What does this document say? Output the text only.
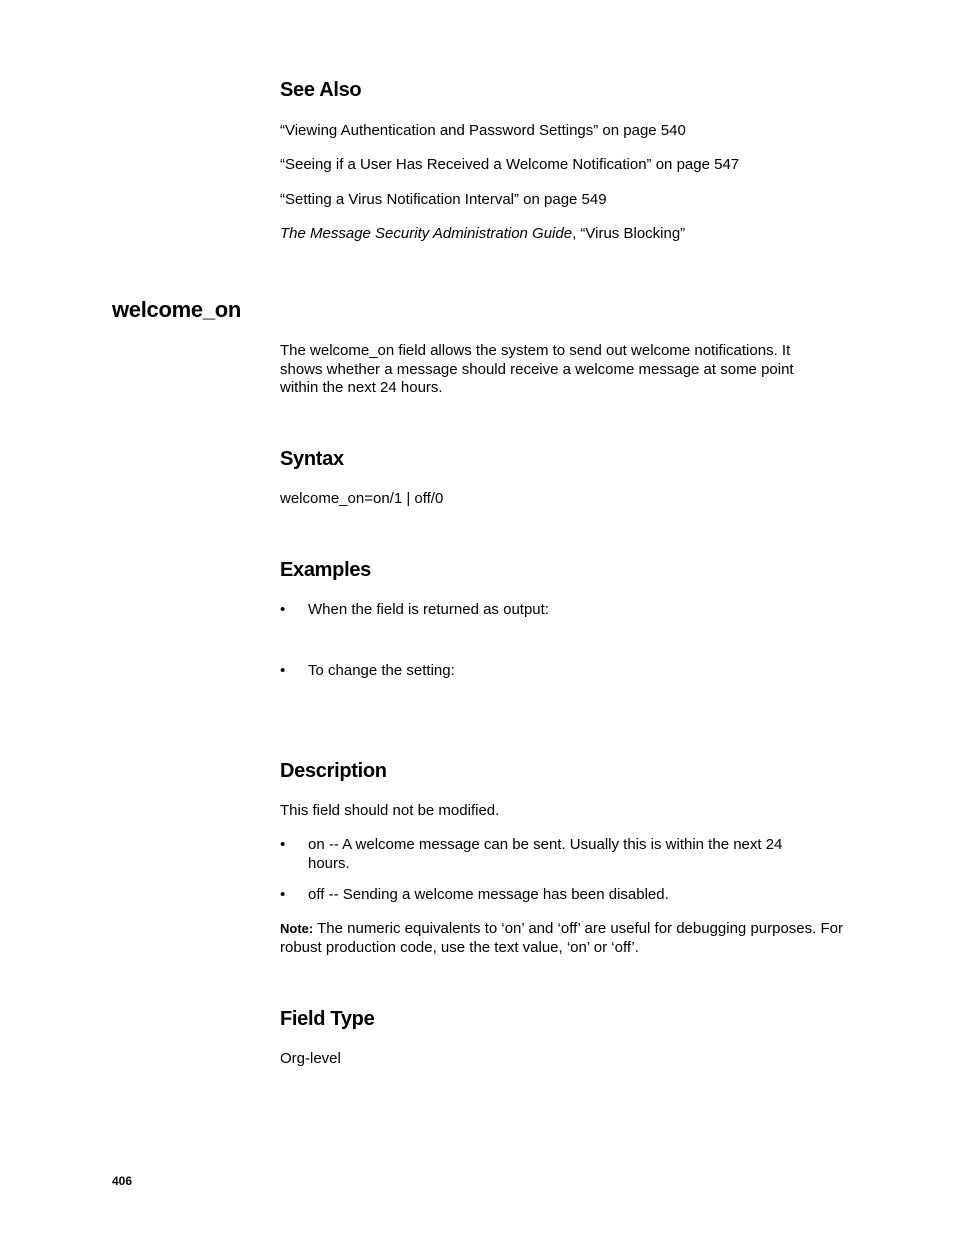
See Also

“Viewing Authentication and Password Settings” on page 540

“Seeing if a User Has Received a Welcome Notification” on page 547

“Setting a Virus Notification Interval” on page 549

The Message Security Administration Guide, “Virus Blocking”

welcome_on

The welcome_on field allows the system to send out welcome notifications. It shows whether a message should receive a welcome message at some point within the next 24 hours.

Syntax

welcome_on=on/1 | off/0

Examples
• When the field is returned as output:
• To change the setting:
Description

This field should not be modified.

• on -- A welcome message can be sent. Usually this is within the next 24 hours.
• off -- Sending a welcome message has been disabled.

Note: The numeric equivalents to ‘on’ and ‘off’ are useful for debugging purposes. For robust production code, use the text value, ‘on’ or ‘off’.

Field Type

Org-level

406
